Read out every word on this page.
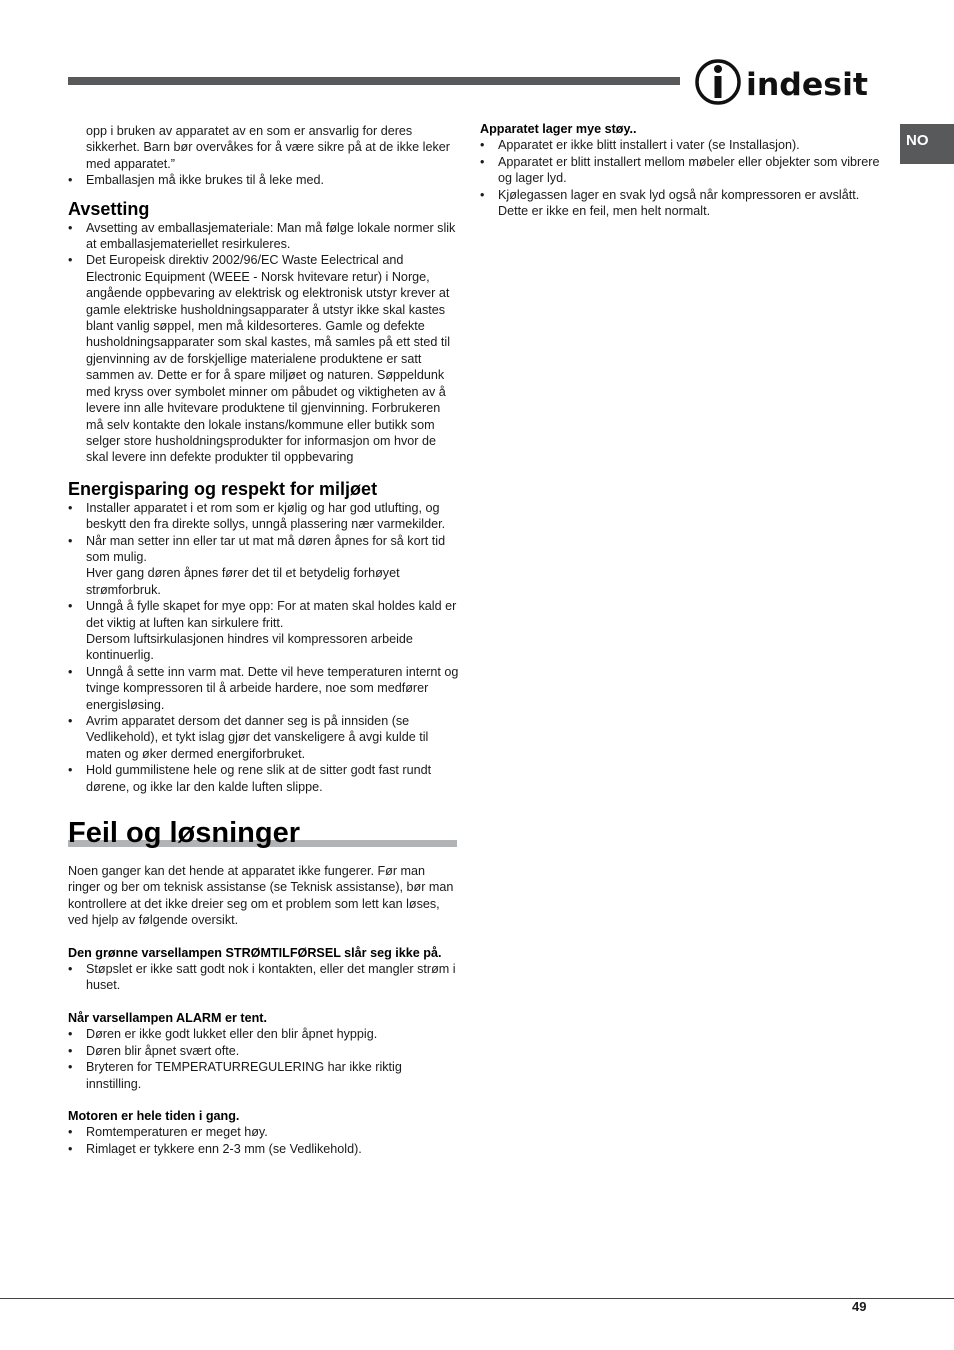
indesit
NO

opp i bruken av apparatet av en som er ansvarlig for deres sikkerhet. Barn bør overvåkes for å være sikre på at de ikke leker med apparatet.”

• Emballasjen må ikke brukes til å leke med.
Avsetting
• Avsetting av emballasjemateriale: Man må følge lokale normer slik at emballasjemateriellet resirkuleres.
• Det Europeisk direktiv 2002/96/EC Waste Eelectrical and Electronic Equipment (WEEE - Norsk hvitevare retur) i Norge, angående oppbevaring av elektrisk og elektronisk utstyr krever at gamle elektriske husholdningsapparater å utstyr ikke skal kastes blant vanlig søppel, men må kildesorteres. Gamle og defekte husholdningsapparater som skal kastes, må samles på ett sted til gjenvinning av de forskjellige materialene produktene er satt sammen av. Dette er for å spare miljøet og naturen. Søppeldunk med kryss over symbolet minner om påbudet og viktigheten av å levere inn alle hvitevare produktene til gjenvinning. Forbrukeren må selv kontakte den lokale instans/kommune eller butikk som selger store husholdningsprodukter for informasjon om hvor de skal levere inn defekte produkter til oppbevaring
Energisparing og respekt for miljøet
• Installer apparatet i et rom som er kjølig og har god utlufting, og beskytt den fra direkte sollys, unngå plassering nær varmekilder.
• Når man setter inn eller tar ut mat må døren åpnes for så kort tid som mulig.
Hver gang døren åpnes fører det til et betydelig forhøyet strømforbruk.
• Unngå å fylle skapet for mye opp: For at maten skal holdes kald er det viktig at luften kan sirkulere fritt.
Dersom luftsirkulasjonen hindres vil kompressoren arbeide kontinuerlig.
• Unngå å sette inn varm mat. Dette vil heve temperaturen internt og tvinge kompressoren til å arbeide hardere, noe som medfører energisløsing.
• Avrim apparatet dersom det danner seg is på innsiden (se Vedlikehold), et tykt islag gjør det vanskeligere å avgi kulde til maten og øker dermed energiforbruket.
• Hold gummilistene hele og rene slik at de sitter godt fast rundt dørene, og ikke lar den kalde luften slippe.
Feil og løsninger

Noen ganger kan det hende at apparatet ikke fungerer. Før man ringer og ber om teknisk assistanse (se Teknisk assistanse), bør man kontrollere at det ikke dreier seg om et problem som lett kan løses, ved hjelp av følgende oversikt.

Den grønne varsellampen STRØMTILFØRSEL slår seg ikke på.

• Støpslet er ikke satt godt nok i kontakten, eller det mangler strøm i huset.

Når varsellampen ALARM er tent.

• Døren er ikke godt lukket eller den blir åpnet hyppig.
• Døren blir åpnet svært ofte.
• Bryteren for TEMPERATURREGULERING har ikke riktig innstilling.

Motoren er hele tiden i gang.

• Romtemperaturen er meget høy.
• Rimlaget er tykkere enn 2-3 mm (se Vedlikehold).

Apparatet lager mye støy..

• Apparatet er ikke blitt installert i vater (se Installasjon).
• Apparatet er blitt installert mellom møbeler eller objekter som vibrere og lager lyd.
• Kjølegassen lager en svak lyd også når kompressoren er avslått. Dette er ikke en feil, men helt normalt.
49
